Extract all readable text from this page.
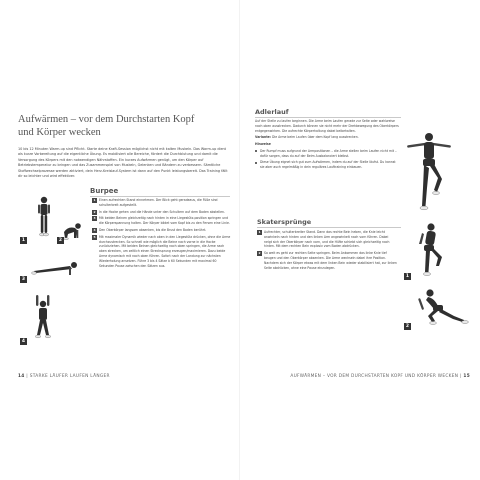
Aufwärmen – vor dem Durchstarten Kopf
und Körper wecken

10 bis 12 Minuten Warm-up sind Pflicht. Starte deine Kraft-Session möglichst nicht mit kalten Muskeln. Das Warm-up dient als kurze Vorbereitung auf die eigentliche Übung. Es mobilisiert alle Bereiche, fördert die Durchblutung und damit die Versorgung des Körpers mit den notwendigen Nährstoffen. Ein kurzes Aufwärmen genügt, um den Körper auf Betriebstemperatur zu bringen und das Zusammenspiel von Muskeln, Gelenken und Bändern zu verbessern. Sämtliche Stoffwechselprozesse werden aktiviert, dein Herz-Kreislauf-System ist dann auf den Punkt leistungsbereit. Das Training fällt dir so leichter und wird effektiver.

1	2
3
4
Burpee
1	Einen aufrechten Stand einnehmen. Der Blick geht geradeaus, die Füße sind schulterbreit aufgestellt.
2	In die Hocke gehen und die Hände unter den Schultern auf dem Boden abstellen.
3	Mit beiden Beinen gleichzeitig nach hinten in eine Liegestütz-position springen und die Körperspannung halten. Der Körper bildet vom Kopf bis zu den Fersen eine Linie.
4	Den Oberkörper langsam absenken, bis die Brust den Boden berührt.
5	Mit maximaler Dynamik wieder nach oben in den Liegestütz drücken, ohne die Arme durchzustrecken. So schnell wie möglich die Beine nach vorne in die Hocke zurückziehen. Mit beiden Beinen gleichzeitig nach oben springen, die Arme nach oben strecken, um zeitlich einen Strecksprung erzeugen/maximieren. Dazu beide Arme dynamisch mit nach oben führen. Sofort nach der Landung zur nächsten Wiederholung ansetzen. Führe 3 bis 4 Sätze à 60 Sekunden mit maximal 60 Sekunden Pause zwischen den Sätzen aus.
14 | STARKE LÄUFER LAUFEN LÄNGER
Adlerlauf

Auf der Stelle zu laufen beginnen. Die Arme beim Laufen gerade zur Seite oder wahlweise nach oben ausstrecken. Dadurch können sie nicht mehr der Drehbewegung des Oberkörpers entgegenwirken. Die aufrechte Körperhaltung dabei beibehalten.

Variante: Die Arme beim Laufen über dem Kopf lang ausstrecken.

Hinweise

Der Rumpf muss aufgrund der Armpositionen – die Arme stellen beim Laufen nicht mit – dafür sorgen, dass du auf der Beim Ausbalanciert bleibst.
Diese Übung eignet sich gut zum Aufwärmen, indem du auf der Stelle läufst. Du kannst sie aber auch regelmäßig in dein reguläres Lauftraining einbauen.
Skatersprünge
1	Aufrechter, schulterbreiter Stand. Dann das rechte Bein heben, die Knie leicht anwinkeln nach hinten und den linken Arm angewinkelt nach vorn führen. Dabei neigt sich der Oberkörper nach vorn, und die Hüfte schiebt sich gleichzeitig nach hinten. Mit dem rechten Bein explosiv vom Boden abdrücken.
2	So weit es geht zur rechten Seite springen. Beim Ankommen das linke Knie tief beugen und den Oberkörper absenken. Die Arme wechseln dabei ihre Position. Nachdem sich der Körper etwas mit dem linken Bein wieder stabilisiert hat, zur linken Seite abdrücken, ohne eine Pause einzulegen.
1
2
AUFWÄRMEN – VOR DEM DURCHSTARTEN KOPF UND KÖRPER WECKEN | 15
